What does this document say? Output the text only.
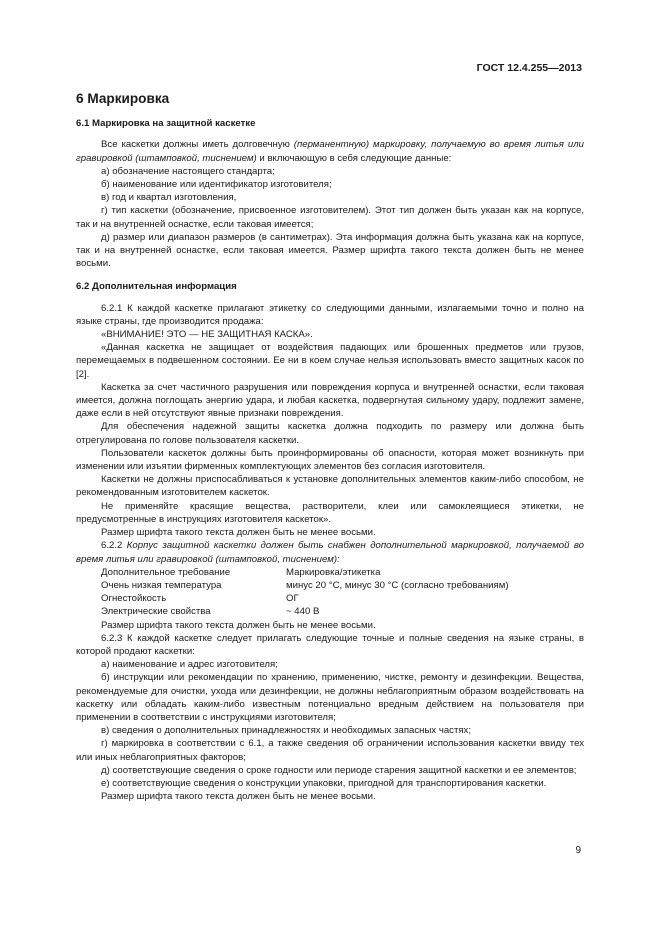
ГОСТ 12.4.255—2013
6 Маркировка
6.1 Маркировка на защитной каскетке

Все каскетки должны иметь долговечную (перманентную) маркировку, получаемую во время литья или гравировкой (штамповкой, тиснением) и включающую в себя следующие данные:

а) обозначение настоящего стандарта;

б) наименование или идентификатор изготовителя;

в) год и квартал изготовления,

г) тип каскетки (обозначение, присвоенное изготовителем). Этот тип должен быть указан как на корпусе, так и на внутренней оснастке, если таковая имеется;

д) размер или диапазон размеров (в сантиметрах). Эта информация должна быть указана как на корпусе, так и на внутренней оснастке, если таковая имеется. Размер шрифта такого текста должен быть не менее восьми.

6.2 Дополнительная информация

6.2.1 К каждой каскетке прилагают этикетку со следующими данными, излагаемыми точно и полно на языке страны, где производится продажа:

«ВНИМАНИЕ! ЭТО — НЕ ЗАЩИТНАЯ КАСКА».

«Данная каскетка не защищает от воздействия падающих или брошенных предметов или грузов, перемещаемых в подвешенном состоянии. Ее ни в коем случае нельзя использовать вместо защитных касок по [2].

Каскетка за счет частичного разрушения или повреждения корпуса и внутренней оснастки, если таковая имеется, должна поглощать энергию удара, и любая каскетка, подвергнутая сильному удару, подлежит замене, даже если в ней отсутствуют явные признаки повреждения.

Для обеспечения надежной защиты каскетка должна подходить по размеру или должна быть отрегулирована по голове пользователя каскетки.

Пользователи каскеток должны быть проинформированы об опасности, которая может возникнуть при изменении или изъятии фирменных комплектующих элементов без согласия изготовителя.

Каскетки не должны приспосабливаться к установке дополнительных элементов каким-либо способом, не рекомендованным изготовителем каскеток.

Не применяйте красящие вещества, растворители, клеи или самоклеящиеся этикетки, не предусмотренные в инструкциях изготовителя каскеток».

Размер шрифта такого текста должен быть не менее восьми.

6.2.2 Корпус защитной каскетки должен быть снабжен дополнительной маркировкой, получаемой во время литья или гравировкой (штамповкой, тиснением):

Дополнительное требование	Маркировка/этикетка
Очень низкая температура	минус 20 °С, минус 30 °С (согласно требованиям)
Огнестойкость	ОГ
Электрические свойства	~ 440 В

Размер шрифта такого текста должен быть не менее восьми.

6.2.3 К каждой каскетке следует прилагать следующие точные и полные сведения на языке страны, в которой продают каскетки:

а) наименование и адрес изготовителя;

б) инструкции или рекомендации по хранению, применению, чистке, ремонту и дезинфекции. Вещества, рекомендуемые для очистки, ухода или дезинфекции, не должны неблагоприятным образом воздействовать на каскетку или обладать каким-либо известным потенциально вредным действием на пользователя при применении в соответствии с инструкциями изготовителя;

в) сведения о дополнительных принадлежностях и необходимых запасных частях;

г) маркировка в соответствии с 6.1, а также сведения об ограничении использования каскетки ввиду тех или иных неблагоприятных факторов;

д) соответствующие сведения о сроке годности или периоде старения защитной каскетки и ее элементов;

е) соответствующие сведения о конструкции упаковки, пригодной для транспортирования каскетки.

Размер шрифта такого текста должен быть не менее восьми.

9
